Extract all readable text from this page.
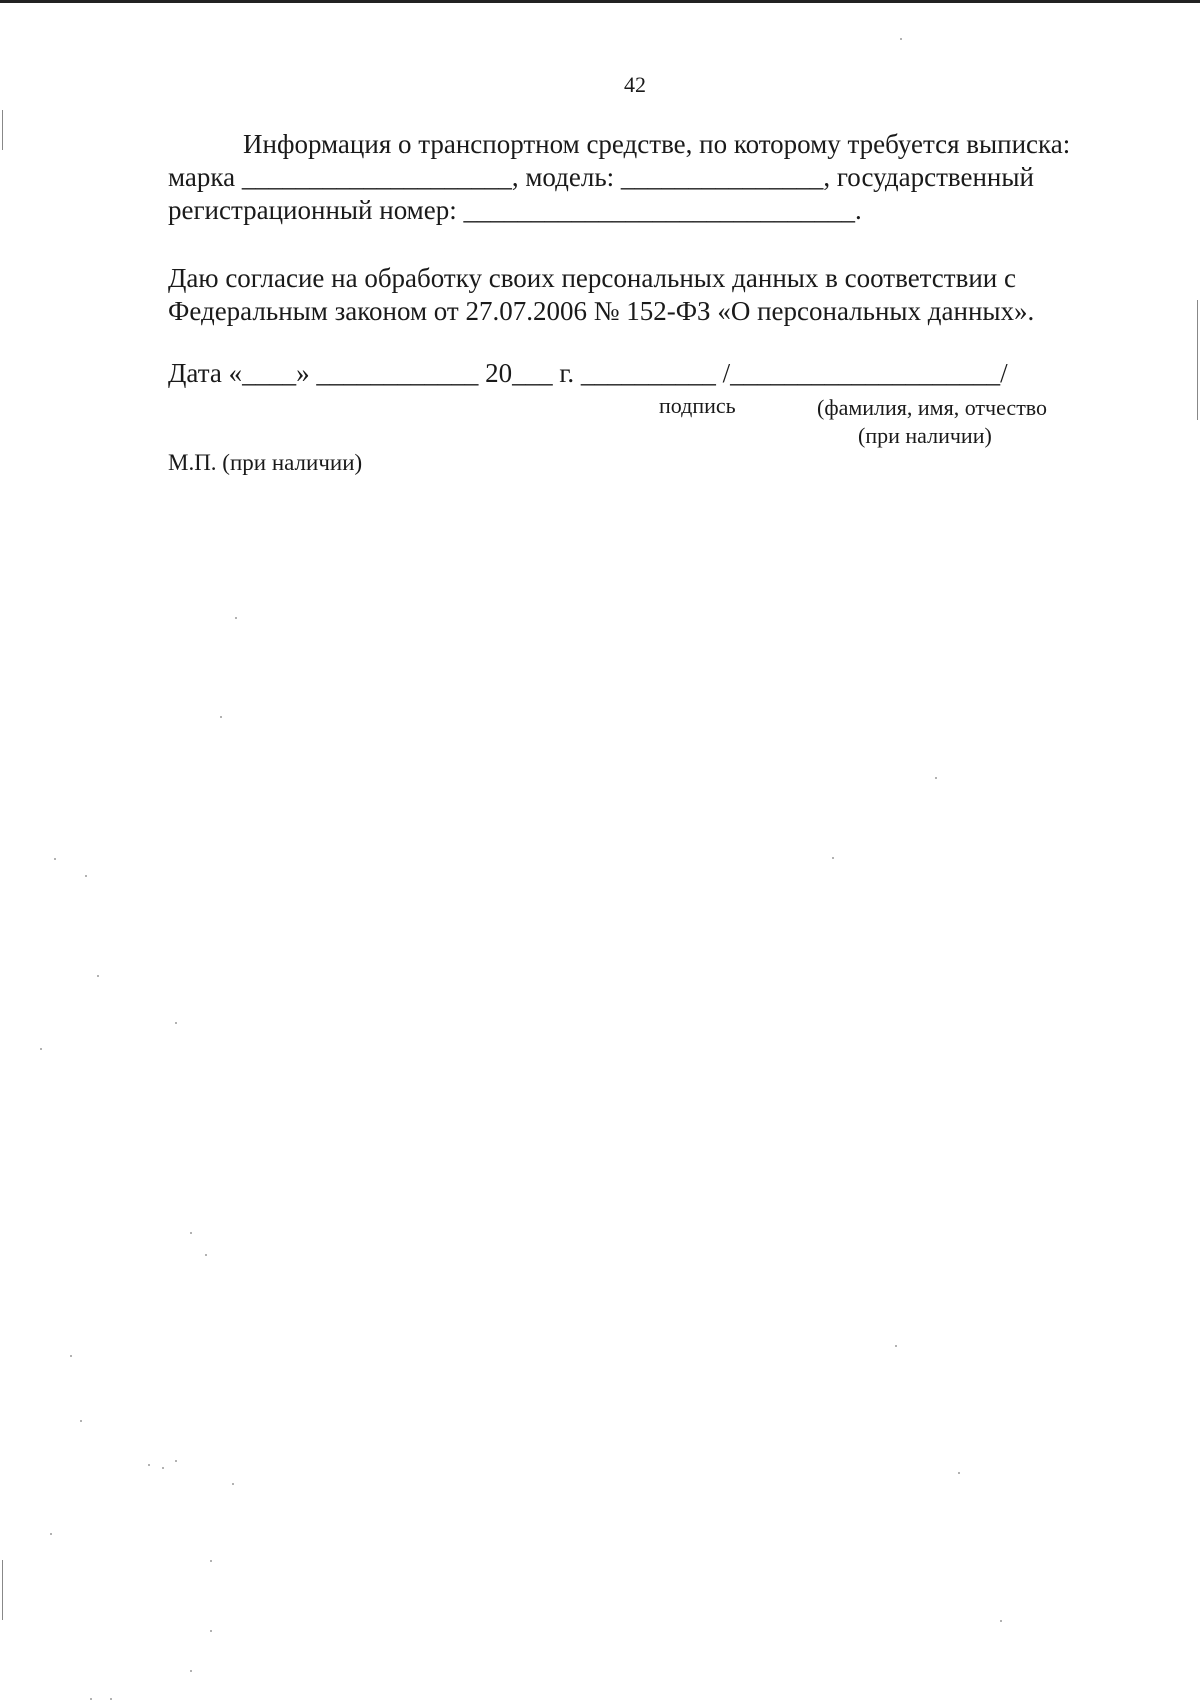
42
Информация о транспортном средстве, по которому требуется выписка:
марка ____________________, модель: _______________, государственный
регистрационный номер: _____________________________.
Даю согласие на обработку своих персональных данных в соответствии с
Федеральным законом от 27.07.2006 № 152-ФЗ «О персональных данных».
Дата «____» ____________ 20___ г. __________ /____________________/
подпись	(фамилия, имя, отчество
(при наличии)
М.П. (при наличии)
